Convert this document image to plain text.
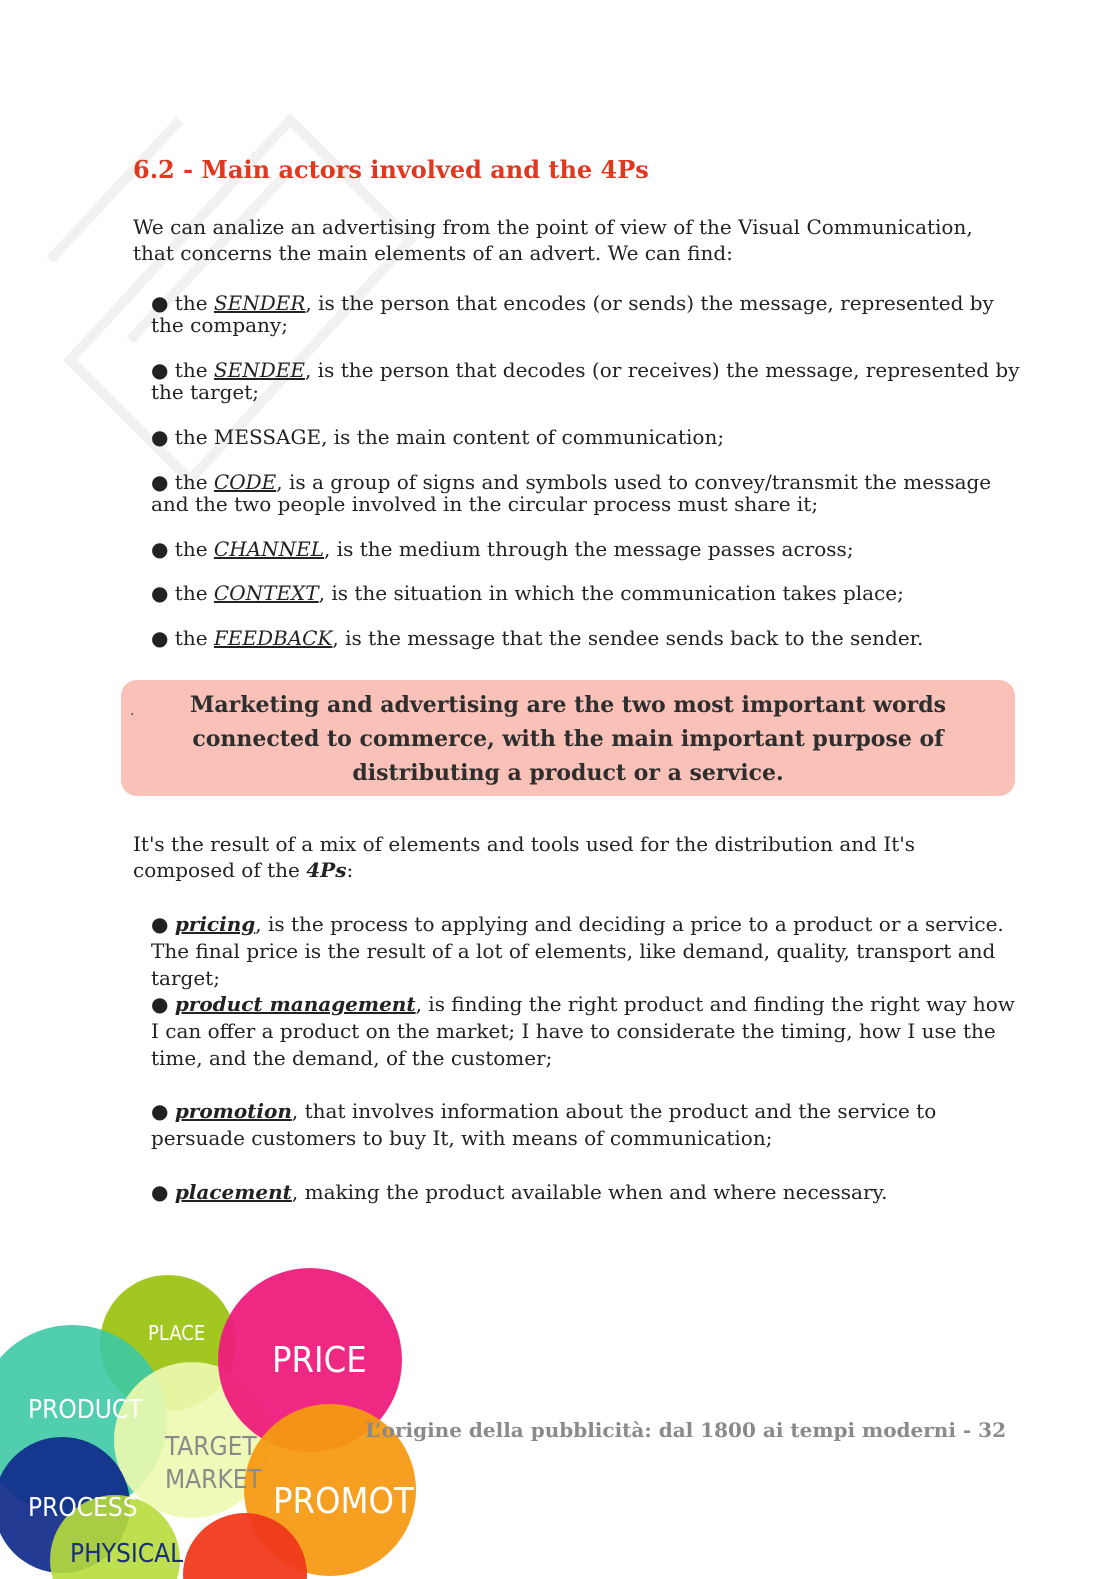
6.2 - Main actors involved and the 4Ps

We can analize an advertising from the point of view of the Visual Communication, that concerns the main elements of an advert. We can find:

● the SENDER, is the person that encodes (or sends) the message, represented by the company;

● the SENDEE, is the person that decodes (or receives) the message, represented by the target;

● the MESSAGE, is the main content of communication;

● the CODE, is a group of signs and symbols used to convey/transmit the message and the two people involved in the circular process must share it;

● the CHANNEL, is the medium through the message passes across;

● the CONTEXT, is the situation in which the communication takes place;

● the FEEDBACK, is the message that the sendee sends back to the sender.

Marketing and advertising are the two most important words connected to commerce, with the main important purpose of distributing a product or a service.
.

It's the result of a mix of elements and tools used for the distribution and It's composed of the 4Ps:

● pricing, is the process to applying and deciding a price to a product or a service. The final price is the result of a lot of elements, like demand, quality, transport and target;

● product management, is finding the right product and finding the right way how I can offer a product on the market; I have to considerate the timing, how I use the time, and the demand, of the customer;

● promotion, that involves information about the product and the service to persuade customers to buy It, with means of communication;

● placement, making the product available when and where necessary.

PLACE
PRICE
PRODUCT
TARGET
MARKET
PROCESS	PROMOTION
PHYSICAL

L’origine della pubblicità: dal 1800 ai tempi moderni - 32
